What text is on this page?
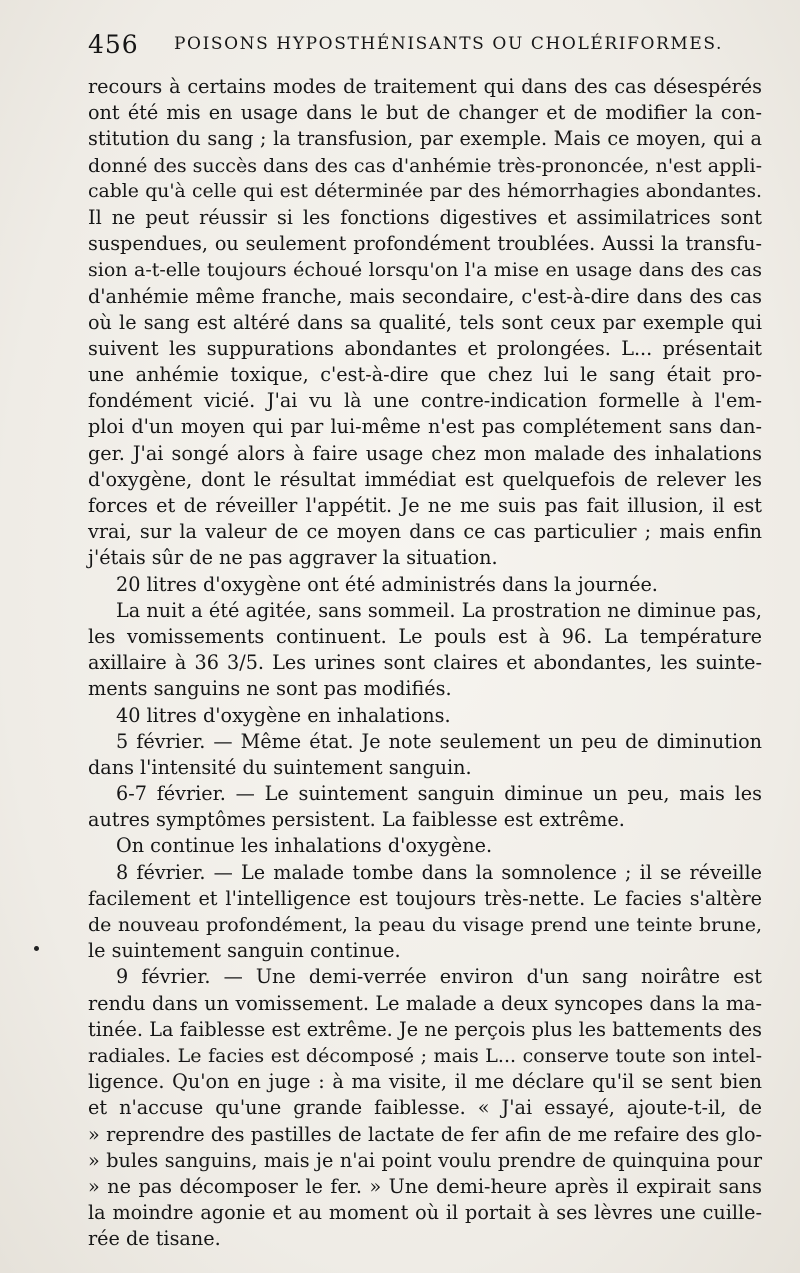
456 POISONS HYPOSTHÉNISANTS OU CHOLÉRIFORMES.
recours à certains modes de traitement qui dans des cas désespérés
ont été mis en usage dans le but de changer et de modifier la con-
stitution du sang ; la transfusion, par exemple. Mais ce moyen, qui a
donné des succès dans des cas d'anhémie très-prononcée, n'est appli-
cable qu'à celle qui est déterminée par des hémorrhagies abondantes.
Il ne peut réussir si les fonctions digestives et assimilatrices sont
suspendues, ou seulement profondément troublées. Aussi la transfu-
sion a-t-elle toujours échoué lorsqu'on l'a mise en usage dans des cas
d'anhémie même franche, mais secondaire, c'est-à-dire dans des cas
où le sang est altéré dans sa qualité, tels sont ceux par exemple qui
suivent les suppurations abondantes et prolongées. L... présentait
une anhémie toxique, c'est-à-dire que chez lui le sang était pro-
fondément vicié. J'ai vu là une contre-indication formelle à l'em-
ploi d'un moyen qui par lui-même n'est pas complétement sans dan-
ger. J'ai songé alors à faire usage chez mon malade des inhalations
d'oxygène, dont le résultat immédiat est quelquefois de relever les
forces et de réveiller l'appétit. Je ne me suis pas fait illusion, il est
vrai, sur la valeur de ce moyen dans ce cas particulier ; mais enfin
j'étais sûr de ne pas aggraver la situation.
20 litres d'oxygène ont été administrés dans la journée.
La nuit a été agitée, sans sommeil. La prostration ne diminue pas,
les vomissements continuent. Le pouls est à 96. La température
axillaire à 36 3/5. Les urines sont claires et abondantes, les suinte-
ments sanguins ne sont pas modifiés.
40 litres d'oxygène en inhalations.
5 février. — Même état. Je note seulement un peu de diminution
dans l'intensité du suintement sanguin.
6-7 février. — Le suintement sanguin diminue un peu, mais les
autres symptômes persistent. La faiblesse est extrême.
On continue les inhalations d'oxygène.
8 février. — Le malade tombe dans la somnolence ; il se réveille
facilement et l'intelligence est toujours très-nette. Le facies s'altère
de nouveau profondément, la peau du visage prend une teinte brune,
le suintement sanguin continue.
9 février. — Une demi-verrée environ d'un sang noirâtre est
rendu dans un vomissement. Le malade a deux syncopes dans la ma-
tinée. La faiblesse est extrême. Je ne perçois plus les battements des
radiales. Le facies est décomposé ; mais L... conserve toute son intel-
ligence. Qu'on en juge : à ma visite, il me déclare qu'il se sent bien
et n'accuse qu'une grande faiblesse. « J'ai essayé, ajoute-t-il, de
» reprendre des pastilles de lactate de fer afin de me refaire des glo-
» bules sanguins, mais je n'ai point voulu prendre de quinquina pour
» ne pas décomposer le fer. » Une demi-heure après il expirait sans
la moindre agonie et au moment où il portait à ses lèvres une cuille-
rée de tisane.
